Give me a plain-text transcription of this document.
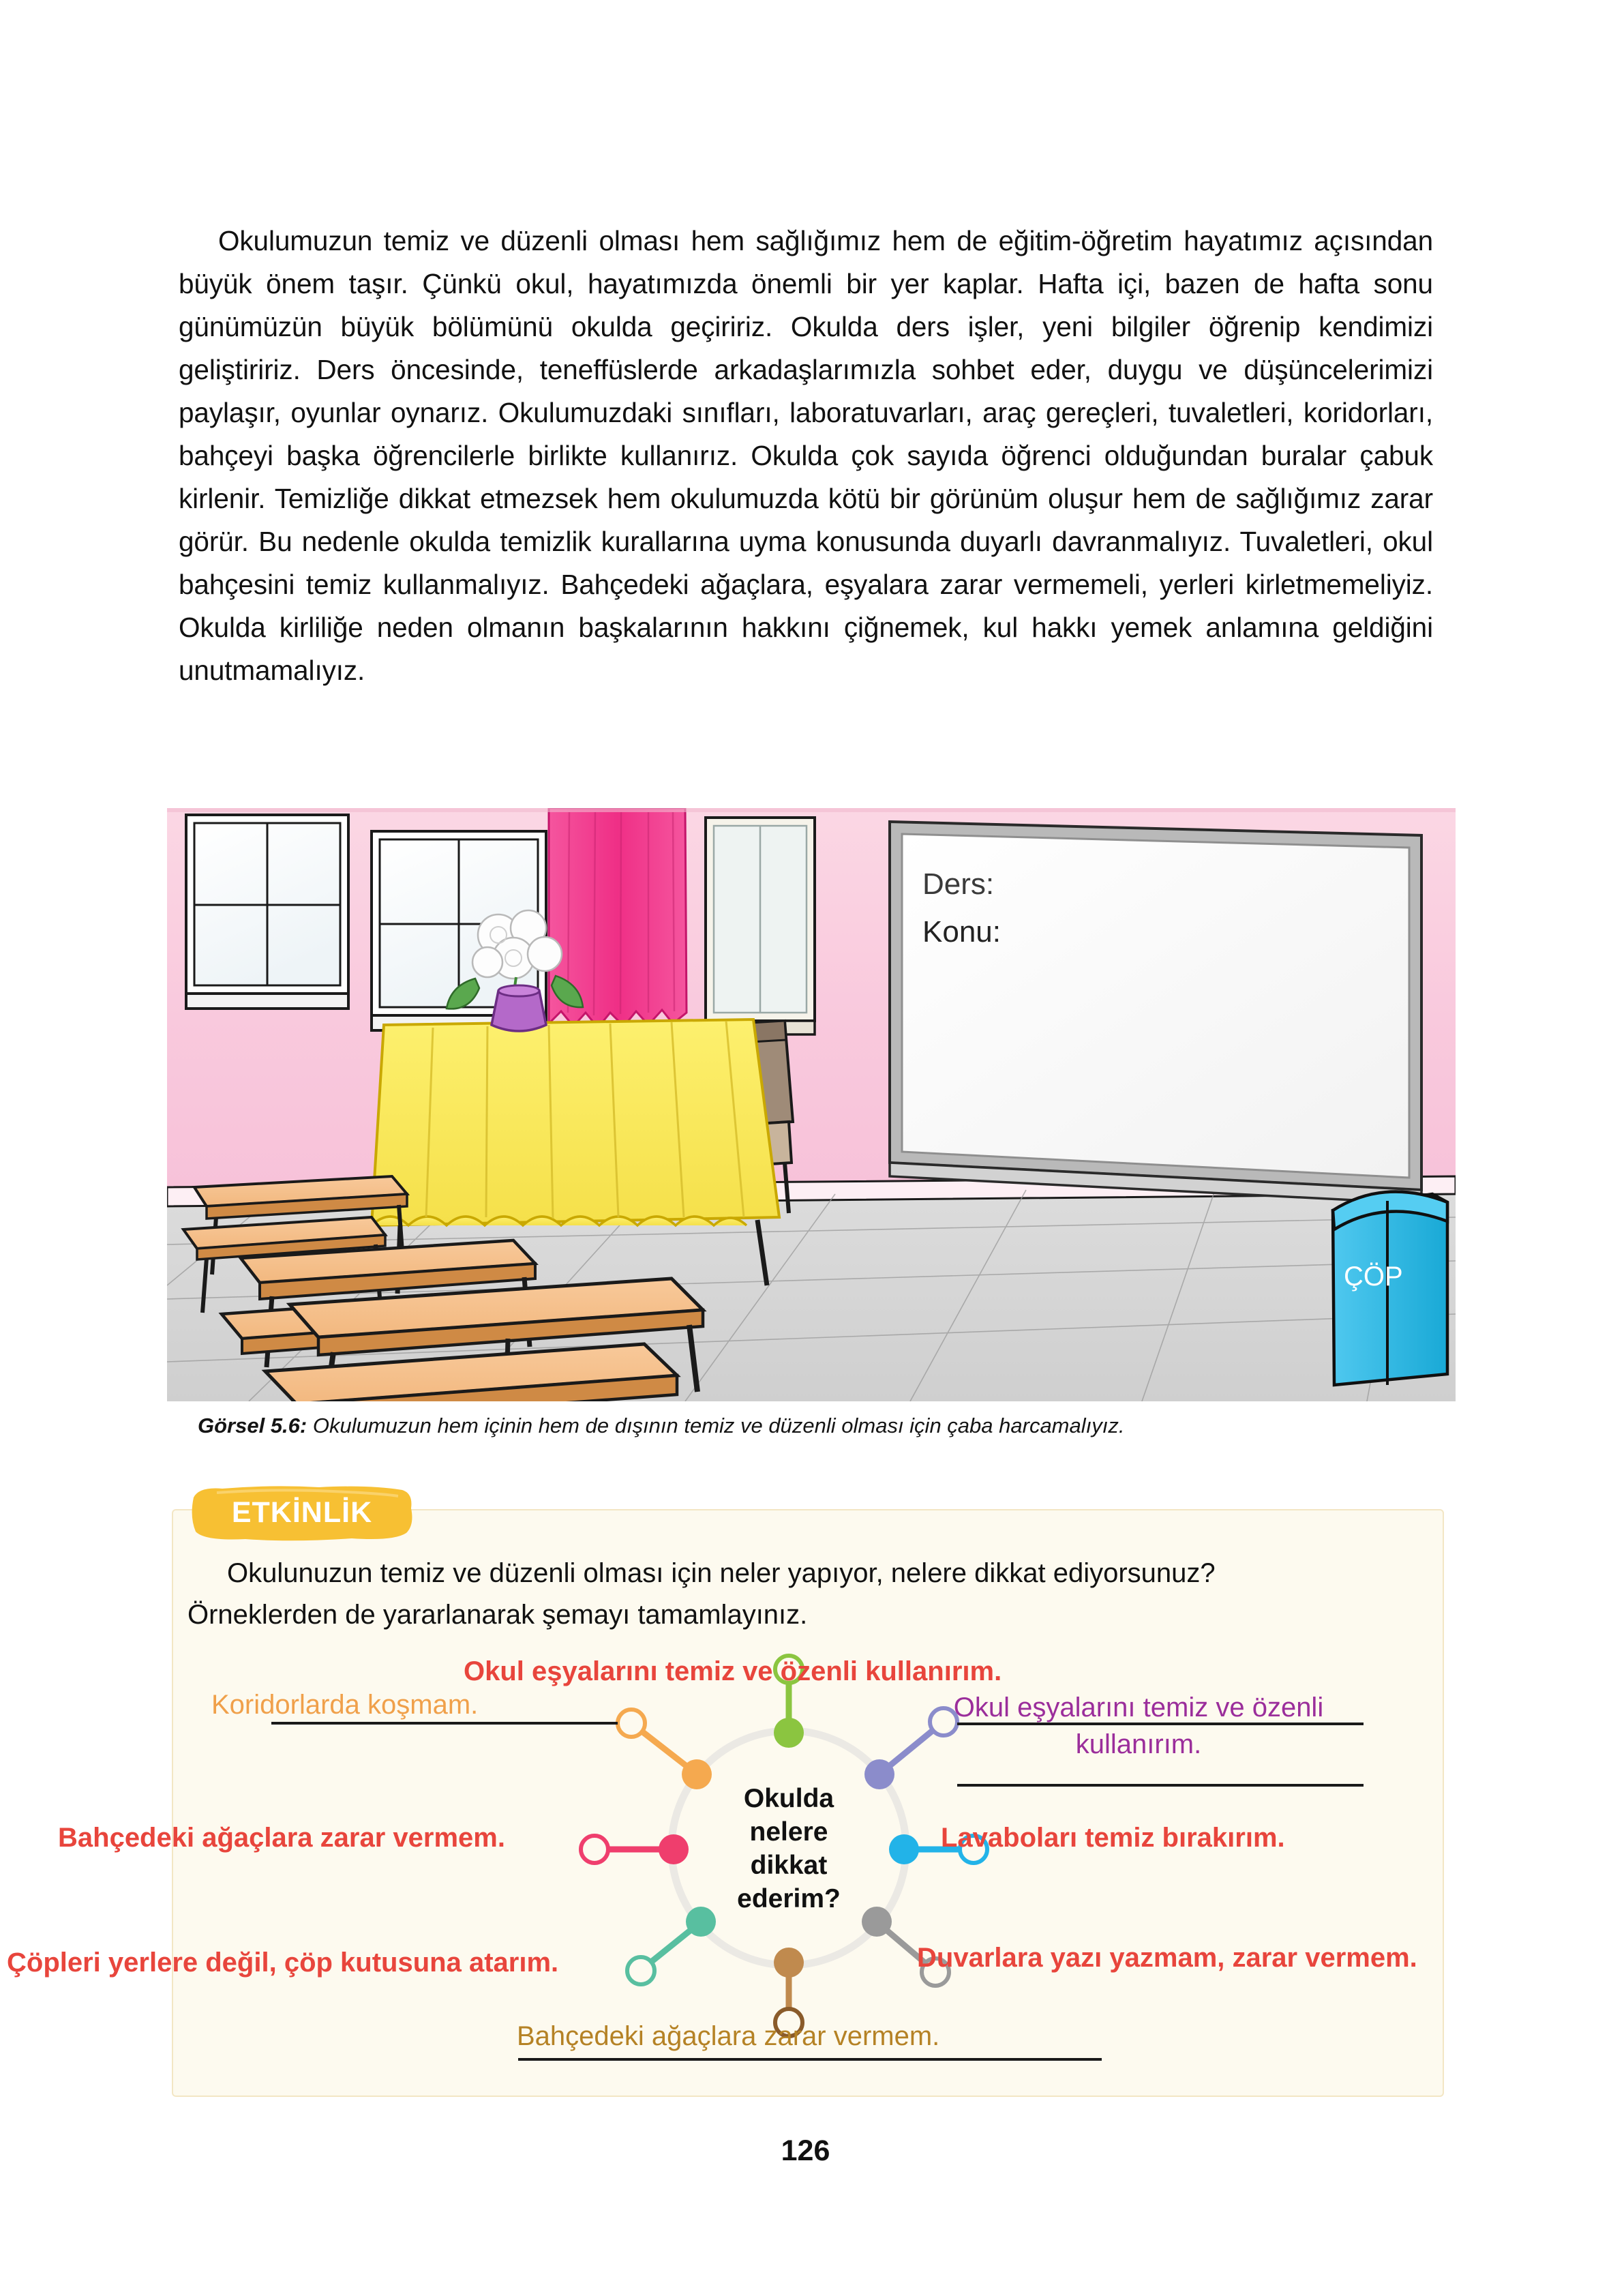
Okulumuzun temiz ve düzenli olması hem sağlığımız hem de eğitim-öğretim hayatımız açısından büyük önem taşır. Çünkü okul, hayatımızda önemli bir yer kaplar. Hafta içi, bazen de hafta sonu günümüzün büyük bölümünü okulda geçiririz. Okulda ders işler, yeni bilgiler öğrenip kendimizi geliştiririz. Ders öncesinde, teneffüslerde arkadaşlarımızla sohbet eder, duygu ve düşüncelerimizi paylaşır, oyunlar oynarız. Okulumuzdaki sınıfları, laboratuvarları, araç gereçleri, tuvaletleri, koridorları, bahçeyi başka öğrencilerle birlikte kullanırız. Okulda çok sayıda öğrenci olduğundan buralar çabuk kirlenir. Temizliğe dikkat etmezsek hem okulumuzda kötü bir görünüm oluşur hem de sağlığımız zarar görür. Bu nedenle okulda temizlik kurallarına uyma konusunda duyarlı davranmalıyız. Tuvaletleri, okul bahçesini temiz kullanmalıyız. Bahçedeki ağaçlara, eşyalara zarar vermemeli, yerleri kirletmemeliyiz. Okulda kirliliğe neden olmanın başkalarının hakkını çiğnemek, kul hakkı yemek anlamına geldiğini unutmamalıyız.

Ders:
Konu:
ÇÖP
Görsel 5.6: Okulumuzun hem içinin hem de dışının temiz ve düzenli olması için çaba harcamalıyız.
ETKİNLİK
Okulunuzun temiz ve düzenli olması için neler yapıyor, nelere dikkat ediyorsunuz?
Örneklerden de yararlanarak şemayı tamamlayınız.
Okulda
nelere
dikkat
ederim?
Okul eşyalarını temiz ve özenli kullanırım.
Koridorlarda koşmam.
Bahçedeki ağaçlara zarar vermem.
Çöpleri yerlere değil, çöp kutusuna atarım.
Okul eşyalarını temiz ve özenli kullanırım.
Lavaboları temiz bırakırım.
Duvarlara yazı yazmam, zarar vermem.
Bahçedeki ağaçlara zarar vermem.
126
